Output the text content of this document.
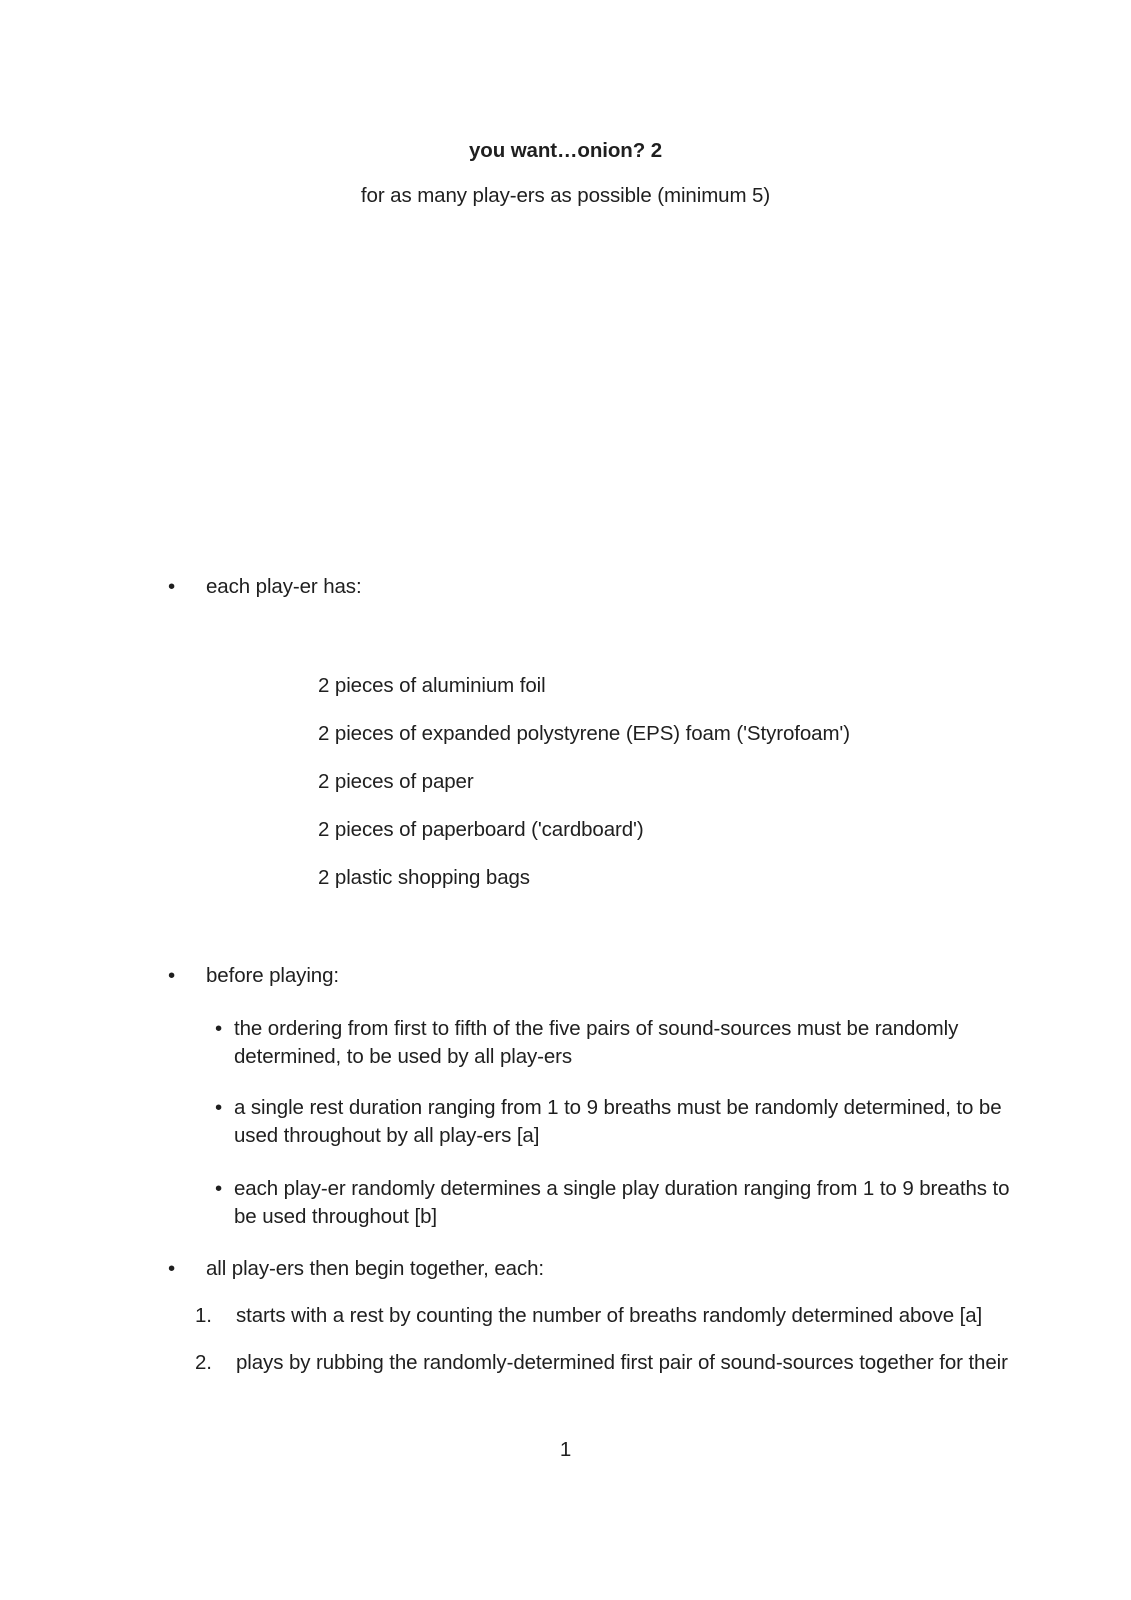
you want…onion? 2
for as many play-ers as possible (minimum 5)
• each play-er has:
2 pieces of aluminium foil
2 pieces of expanded polystyrene (EPS) foam ('Styrofoam')
2 pieces of paper
2 pieces of paperboard ('cardboard')
2 plastic shopping bags
• before playing:
• the ordering from first to fifth of the five pairs of sound-sources must be randomly
determined, to be used by all play-ers
• a single rest duration ranging from 1 to 9 breaths must be randomly determined, to be
used throughout by all play-ers [a]
• each play-er randomly determines a single play duration ranging from 1 to 9 breaths to
be used throughout [b]
• all play-ers then begin together, each:
1.	starts with a rest by counting the number of breaths randomly determined above [a]
2.	plays by rubbing the randomly-determined first pair of sound-sources together for their
1
